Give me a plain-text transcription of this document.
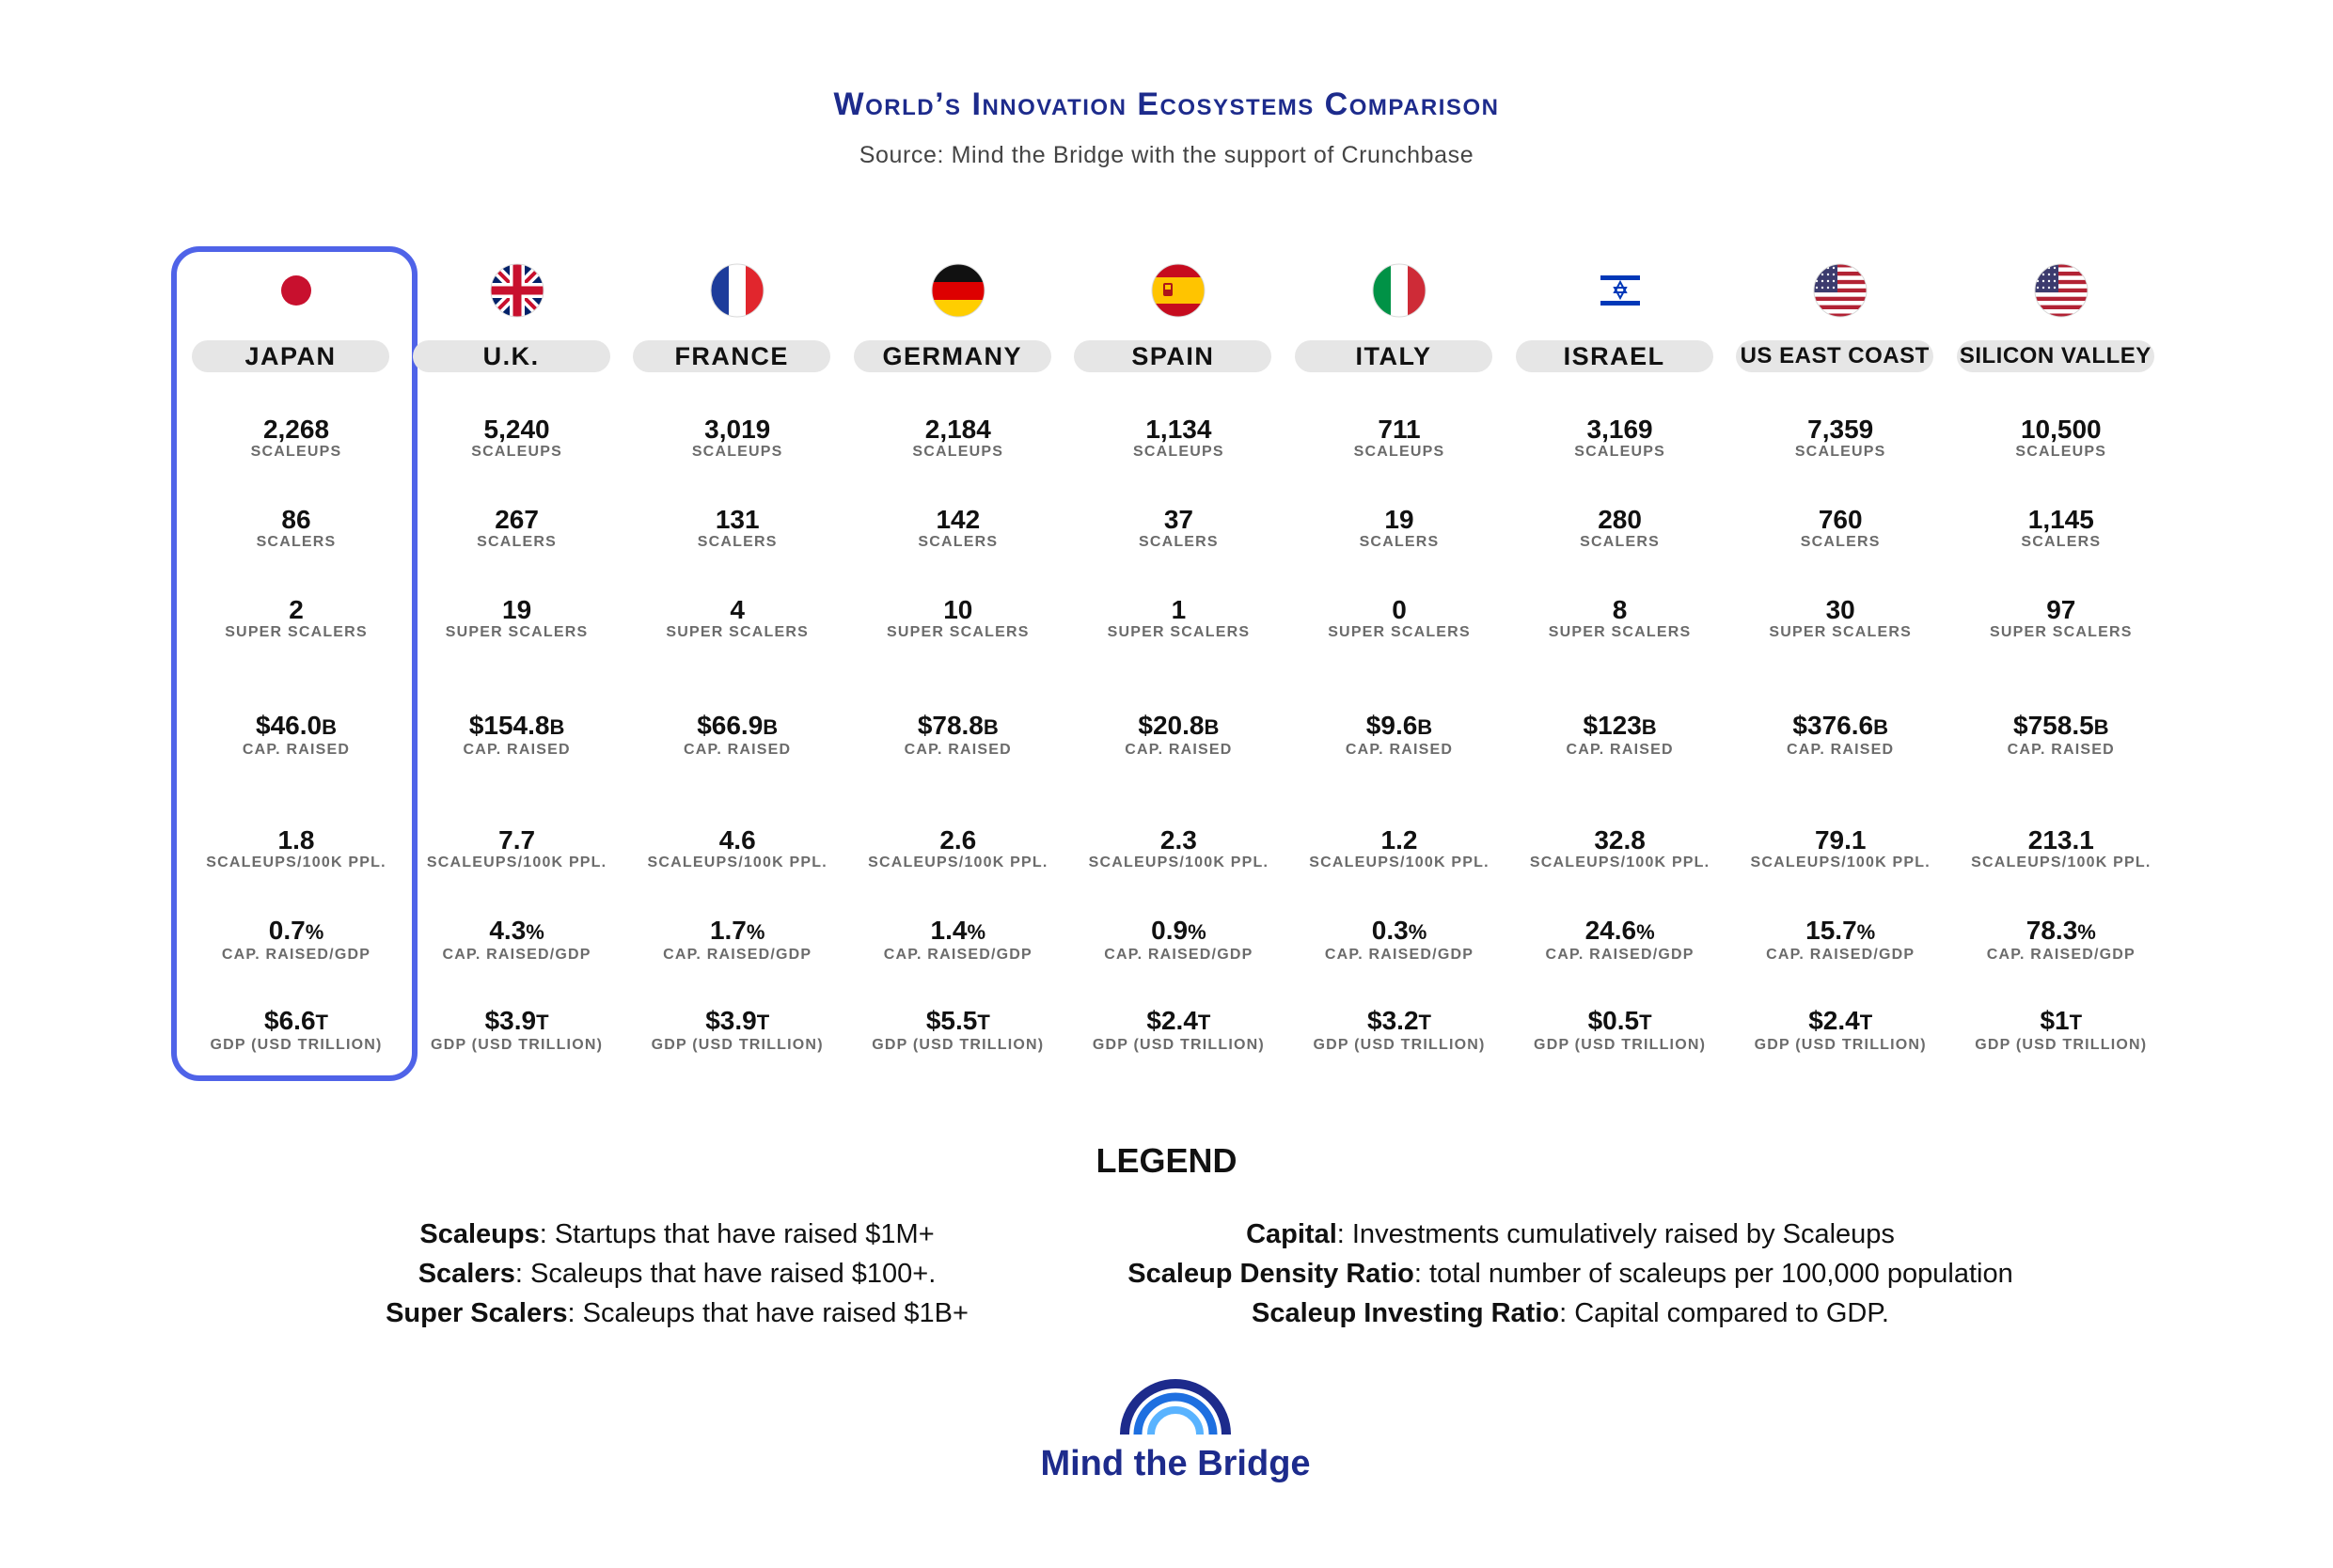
World’s Innovation Ecosystems Comparison
Source: Mind the Bridge with the support of Crunchbase
JAPAN
2,268
SCALEUPS
86
SCALERS
2
SUPER SCALERS
$46.0B
CAP. RAISED
1.8
SCALEUPS/100K PPL.
0.7%
CAP. RAISED/GDP
$6.6T
GDP (USD TRILLION)
U.K.
5,240
SCALEUPS
267
SCALERS
19
SUPER SCALERS
$154.8B
CAP. RAISED
7.7
SCALEUPS/100K PPL.
4.3%
CAP. RAISED/GDP
$3.9T
GDP (USD TRILLION)
FRANCE
3,019
SCALEUPS
131
SCALERS
4
SUPER SCALERS
$66.9B
CAP. RAISED
4.6
SCALEUPS/100K PPL.
1.7%
CAP. RAISED/GDP
$3.9T
GDP (USD TRILLION)
GERMANY
2,184
SCALEUPS
142
SCALERS
10
SUPER SCALERS
$78.8B
CAP. RAISED
2.6
SCALEUPS/100K PPL.
1.4%
CAP. RAISED/GDP
$5.5T
GDP (USD TRILLION)
SPAIN
1,134
SCALEUPS
37
SCALERS
1
SUPER SCALERS
$20.8B
CAP. RAISED
2.3
SCALEUPS/100K PPL.
0.9%
CAP. RAISED/GDP
$2.4T
GDP (USD TRILLION)
ITALY
711
SCALEUPS
19
SCALERS
0
SUPER SCALERS
$9.6B
CAP. RAISED
1.2
SCALEUPS/100K PPL.
0.3%
CAP. RAISED/GDP
$3.2T
GDP (USD TRILLION)
ISRAEL
3,169
SCALEUPS
280
SCALERS
8
SUPER SCALERS
$123B
CAP. RAISED
32.8
SCALEUPS/100K PPL.
24.6%
CAP. RAISED/GDP
$0.5T
GDP (USD TRILLION)
US EAST COAST
7,359
SCALEUPS
760
SCALERS
30
SUPER SCALERS
$376.6B
CAP. RAISED
79.1
SCALEUPS/100K PPL.
15.7%
CAP. RAISED/GDP
$2.4T
GDP (USD TRILLION)
SILICON VALLEY
10,500
SCALEUPS
1,145
SCALERS
97
SUPER SCALERS
$758.5B
CAP. RAISED
213.1
SCALEUPS/100K PPL.
78.3%
CAP. RAISED/GDP
$1T
GDP (USD TRILLION)
LEGEND
Scaleups: Startups that have raised $1M+
Scalers: Scaleups that have raised $100+.
Super Scalers: Scaleups that have raised $1B+
Capital: Investments cumulatively raised by Scaleups
Scaleup Density Ratio: total number of scaleups per 100,000 population
Scaleup Investing Ratio: Capital compared to GDP.
Mind the Bridge
